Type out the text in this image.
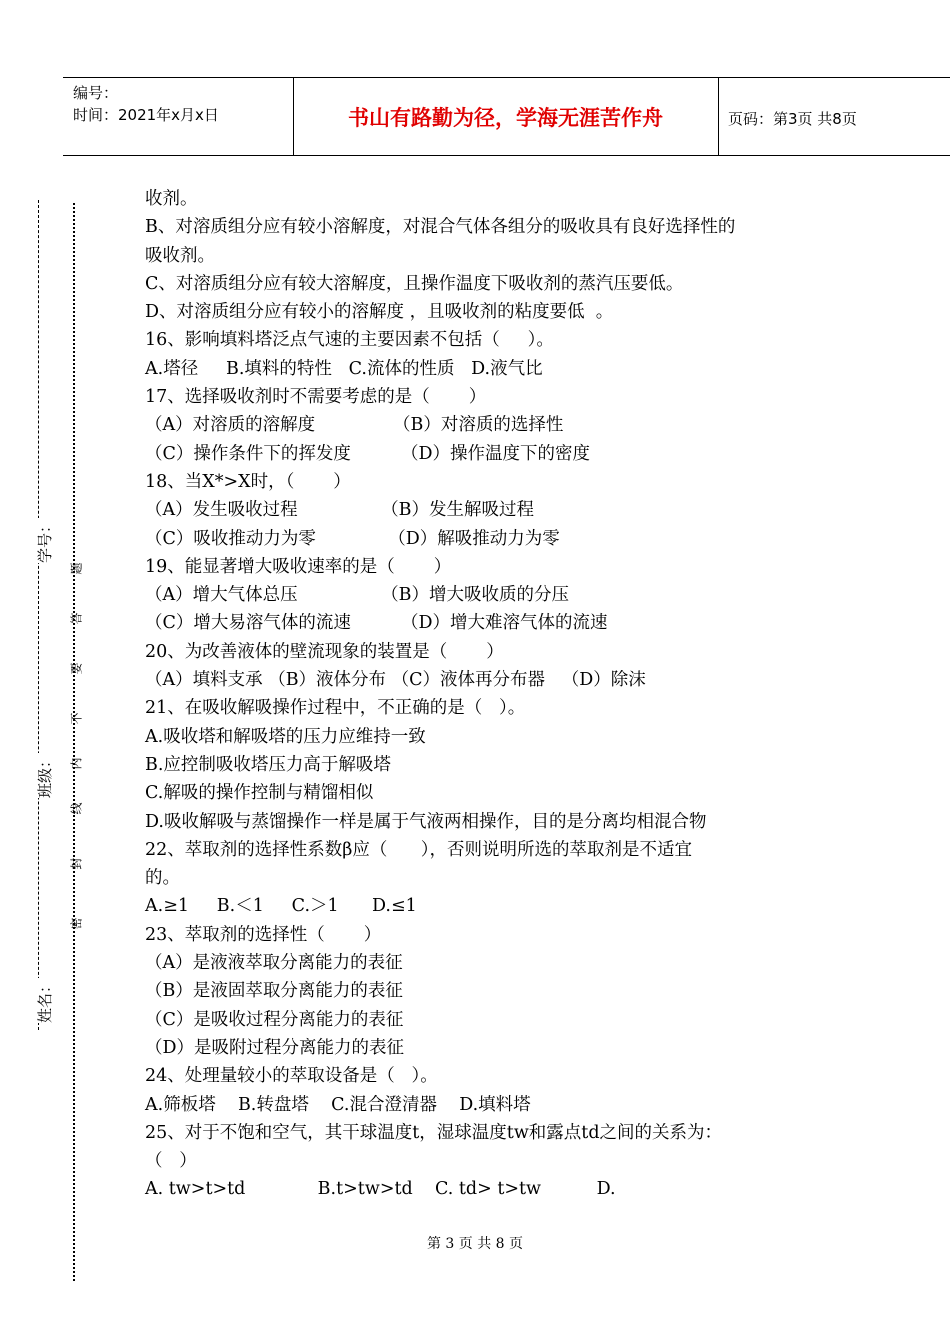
编号：
时间：2021年x月x日	书山有路勤为径，学海无涯苦作舟	页码：第3页 共8页
学号：
班级：
姓名：
密
封
线
内
不
要
答
题
收剂。
B、对溶质组分应有较小溶解度，对混合气体各组分的吸收具有良好选择性的
吸收剂。
C、对溶质组分应有较大溶解度，且操作温度下吸收剂的蒸汽压要低。
D、对溶质组分应有较小的溶解度 ，且吸收剂的粘度要低  。
16、影响填料塔泛点气速的主要因素不包括（     ）。
A.塔径     B.填料的特性   C.流体的性质   D.液气比
17、选择吸收剂时不需要考虑的是（       ）
（A）对溶质的溶解度              （B）对溶质的选择性
（C）操作条件下的挥发度         （D）操作温度下的密度
18、当X*>X时，（       ）
（A）发生吸收过程               （B）发生解吸过程
（C）吸收推动力为零             （D）解吸推动力为零
19、能显著增大吸收速率的是（       ）
（A）增大气体总压               （B）增大吸收质的分压
（C）增大易溶气体的流速         （D）增大难溶气体的流速
20、为改善液体的壁流现象的装置是（       ）
（A）填料支承 （B）液体分布 （C）液体再分布器   （D）除沫
21、在吸收解吸操作过程中，不正确的是（   ）。
A.吸收塔和解吸塔的压力应维持一致
B.应控制吸收塔压力高于解吸塔
C.解吸的操作控制与精馏相似
D.吸收解吸与蒸馏操作一样是属于气液两相操作，目的是分离均相混合物
22、萃取剂的选择性系数β应（      ），否则说明所选的萃取剂是不适宜
的。
A.≥1     B.＜1     C.＞1      D.≤1
23、萃取剂的选择性（       ）
（A）是液液萃取分离能力的表征
（B）是液固萃取分离能力的表征
（C）是吸收过程分离能力的表征
（D）是吸附过程分离能力的表征
24、处理量较小的萃取设备是（   ）。
A.筛板塔    B.转盘塔    C.混合澄清器    D.填料塔
25、对于不饱和空气，其干球温度t，湿球温度tw和露点td之间的关系为：
（   ）
A. tw>t>td             B.t>tw>td    C. td> t>tw          D.
第 3 页 共 8 页
